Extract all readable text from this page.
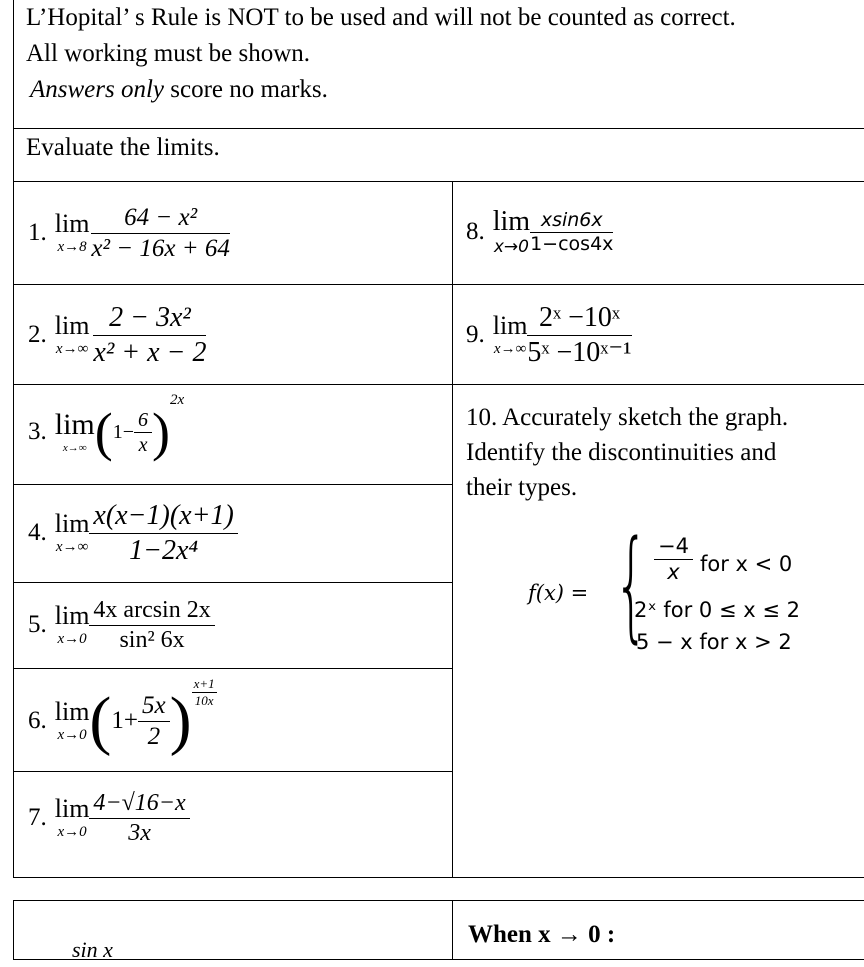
L’Hopital’ s Rule is NOT to be used and will not be counted as correct.
All working must be shown.
Answers only score no marks.
Evaluate the limits.
1. lim
$x\to 8 \frac{\text{64 − x²}}{\text{x² − 16x + 64}}$
2. lim
$x\to\infty \frac{\text{2 − 3x²}}{\text{x² + x − 2}}$
3. lim
x→∞ ( $1- \frac{6}{x}$ )
2x
4. lim
$x\to\infty \frac{x(x-1)(x+1)}{\text{1−2x⁴}}$
5. lim
$x\to 0 \frac{\text{4x arcsin 2x}}{\text{sin² 6x}}$
6. lim
x→0 ( $1+ \frac{5x}{2}$ ) $\frac{x+1}{10x}$
7. lim
$x\to 0 \frac{4-√16-x}{3x}$
8. lim
$x\to 0 \frac{xsin6x}{1-\cos 4x}$
9. lim
$x\to\infty \frac{\text{2ˣ −10ˣ}}{\text{5ˣ −10ˣ⁻¹}}$
10. Accurately sketch the graph.
Identify the discontinuities and
their types.
f(x) = { $\frac{-4}{x}$ for x < 0
2ˣ for 0 ≤ x ≤ 2
5 − x for x > 2
sin x
When x → 0 :
